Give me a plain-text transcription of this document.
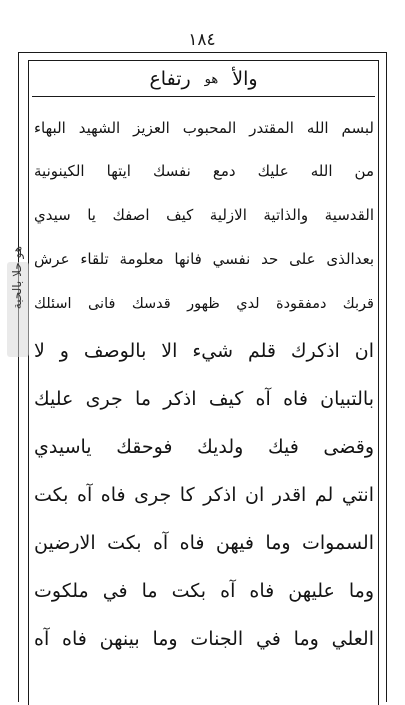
١٨٤
والأ
هو
رتفاع
هو حلا بالحبة
لبسم الله المقتدر المحبوب العزيز الشهيد البهاء
من الله عليك دمع نفسك ايتها الكينونية
القدسية والذاتية الازلية كيف اصفك يا سيدي
بعدالذى على حد نفسي فانها معلومة تلقاء عرش
قربك دمفقودة لدي ظهور قدسك فانى اسئلك
ان اذكرك قلم شيء الا بالوصف و لا
بالتبيان فاه آه كيف اذكر ما جرى عليك
وقضى فيك ولديك فوحقك ياسيدي
انتي لم اقدر ان اذكر كا جرى فاه آه بكت
السموات وما فيهن فاه آه بكت الارضين
وما عليهن فاه آه بكت ما في ملكوت
العلي وما في الجنات وما بينهن فاه آه
